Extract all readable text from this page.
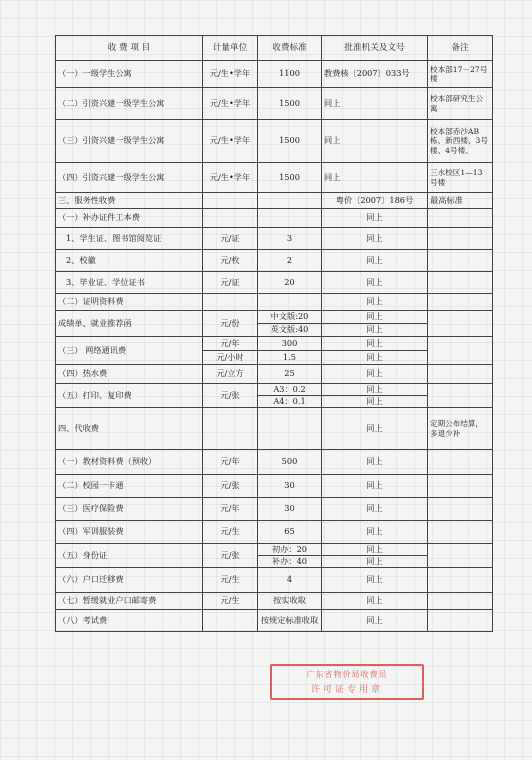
收 费 项 目	计量单位	收费标准	批准机关及文号	备注
（一）一级学生公寓	元/生•学年	1100	教费核〔2007〕033号	校本部17－27号楼
（二）引资兴建一级学生公寓	元/生•学年	1500	同上	校本部研究生公寓
（三）引资兴建一级学生公寓	元/生•学年	1500	同上	校本部赤沙AB栋、新西楼、3号楼、4号楼、
（四）引资兴建一级学生公寓	元/生•学年	1500	同上	三水校区1—13号楼
三、服务性收费			粤价〔2007〕186号	最高标准
（一）补办证件工本费			同上	
1、学生证、图书馆阅览证	元/证	3	同上	
2、校徽	元/枚	2	同上	
3、毕业证、学位证书	元/证	20	同上	
（二）证明资料费			同上	
成绩单、就业推荐函	元/份	中文版:20	同上	
		英文版:40	同上	
（三） 网络通讯费	元/年	300	同上	
	元/小时	1.5	同上	
（四）热水费	元/立方	25	同上	
（五）打印、复印费	元/张	A3：0.2	同上	
		A4：0.1	同上	
四、代收费			同上	定期公布结算，多退少补
（一）教材资料费（预收）	元/年	500	同上	
（二）校园一卡通	元/张	30	同上	
（三）医疗保险费	元/年	30	同上	
（四）军训服装费	元/生	65	同上	
（五）身份证	元/张	初办：20	同上	
		补办：40	同上	
（六）户口迁移费	元/生	4	同上	
（七）暂缓就业户口邮寄费	元/生	按实收取	同上	
（八）考试费		按规定标准收取	同上	
广东省物价局收费员
许可证专用章
